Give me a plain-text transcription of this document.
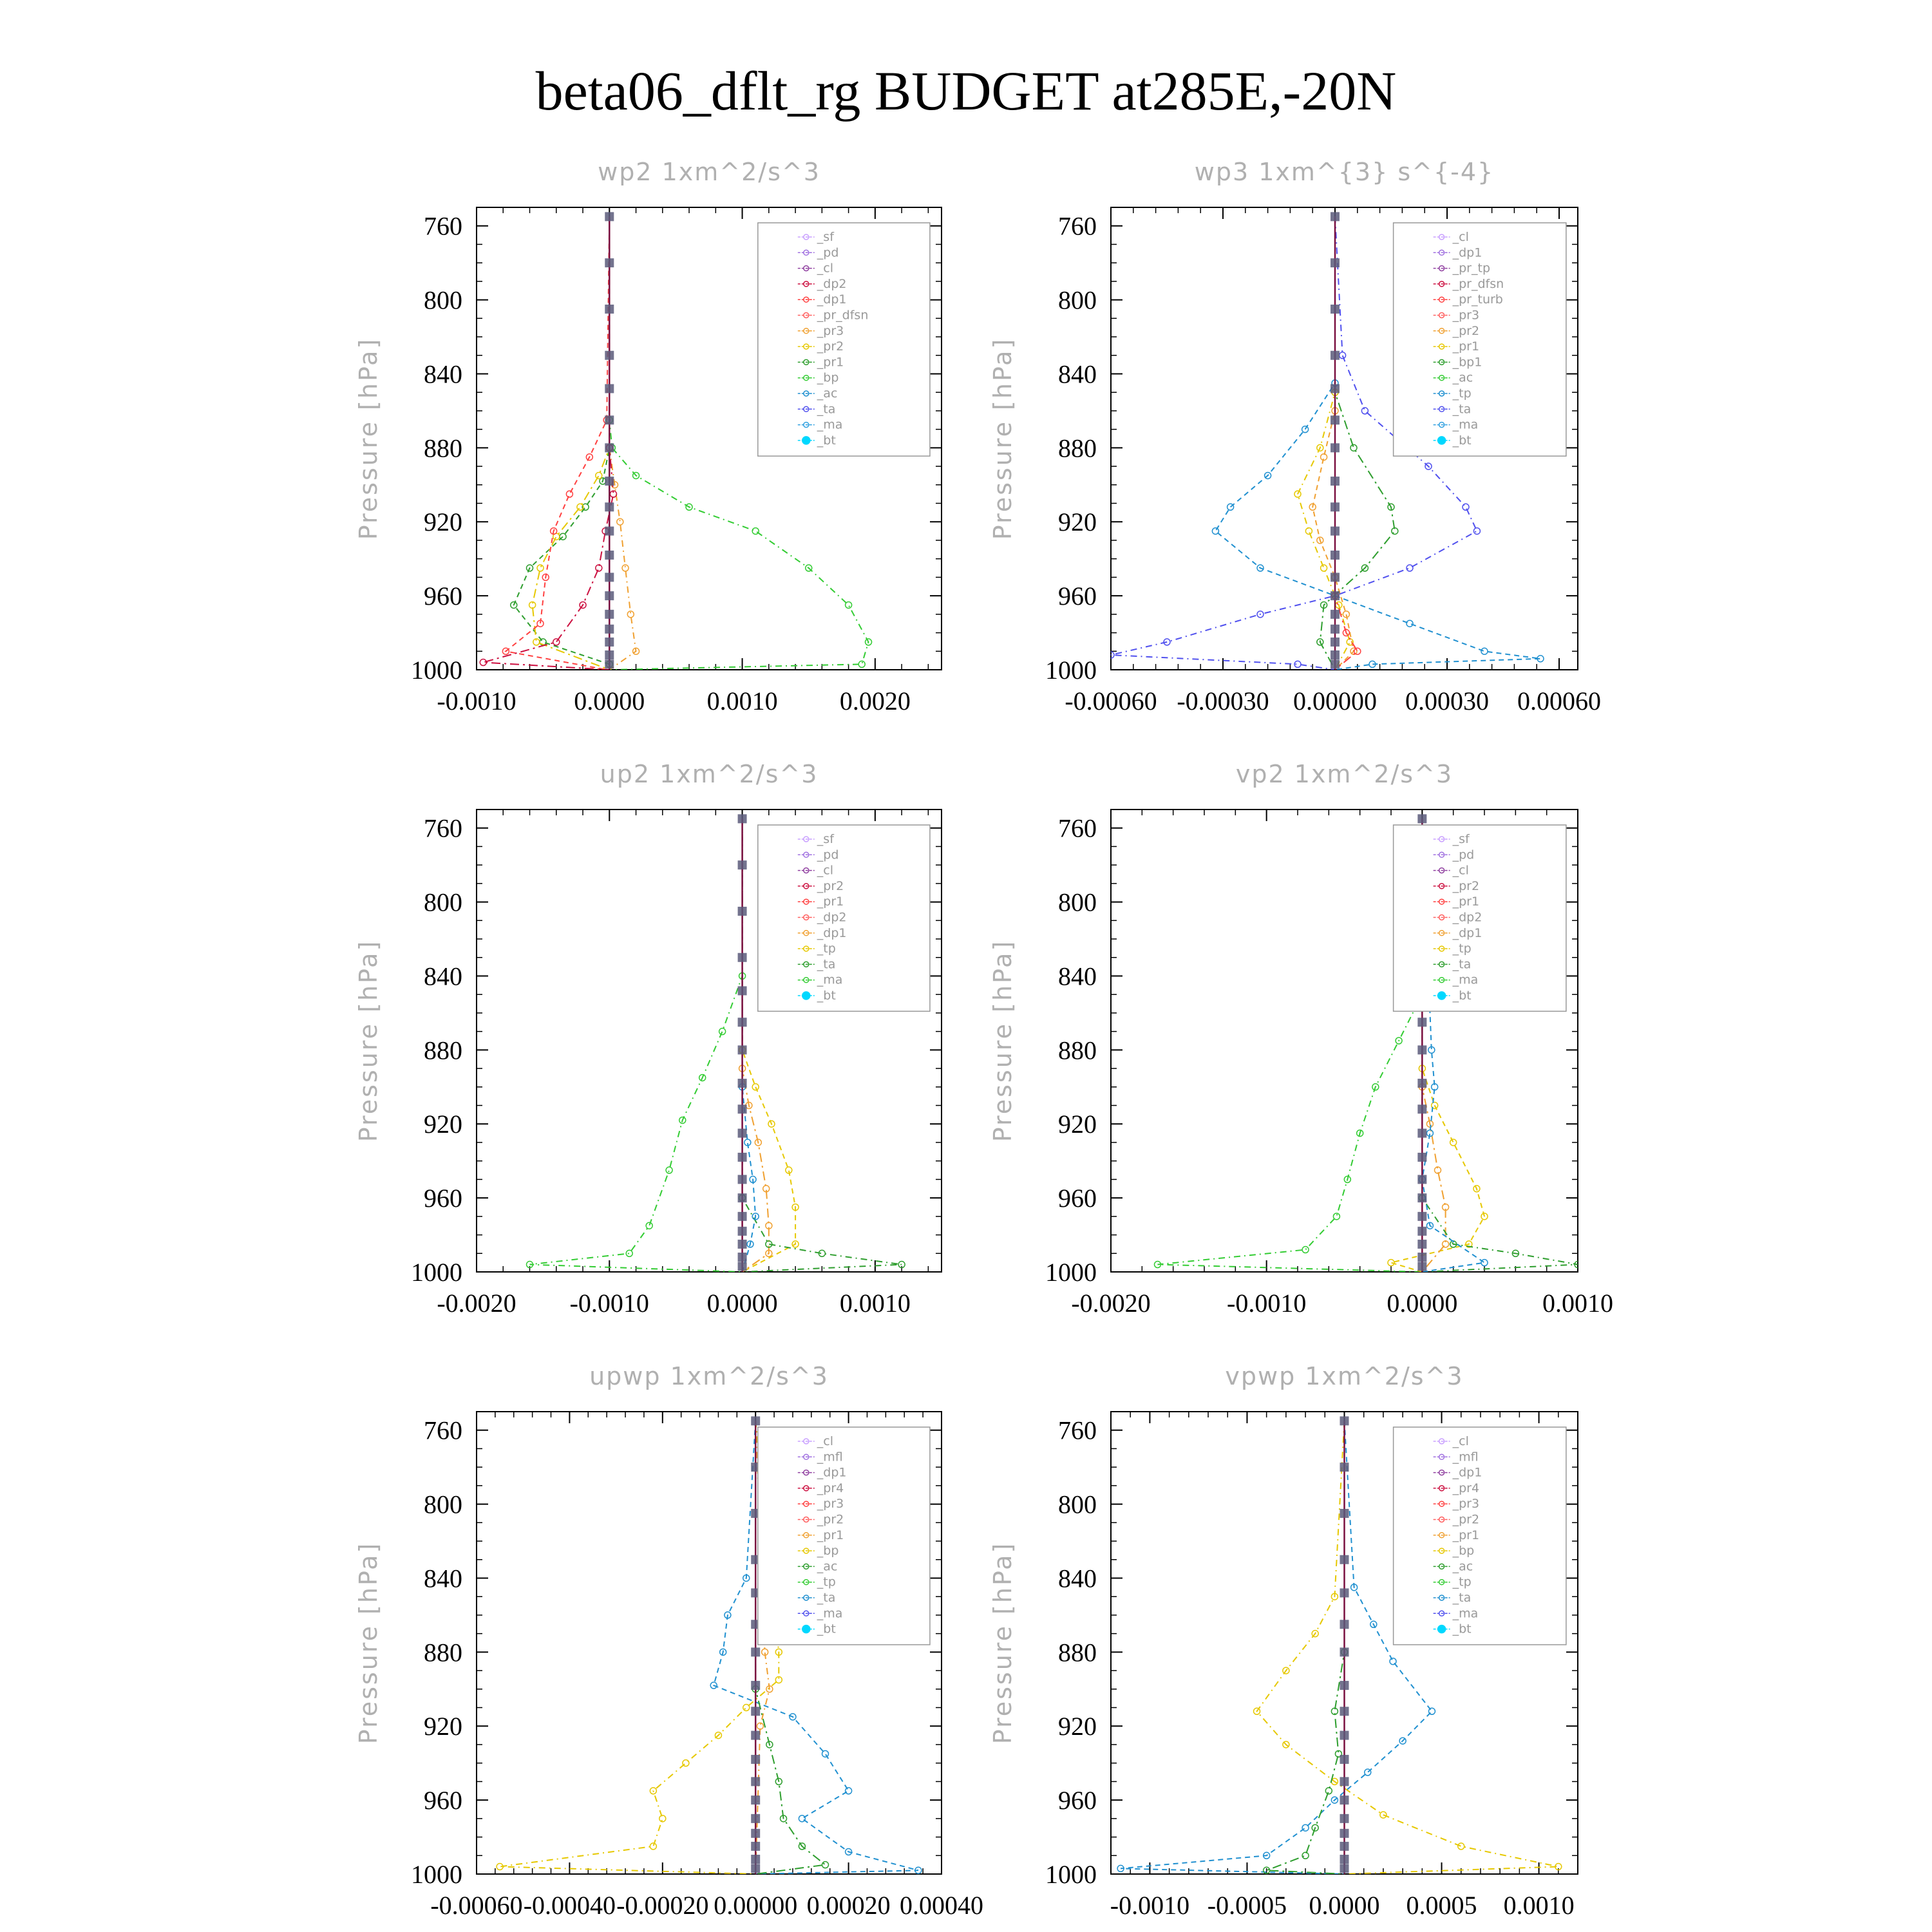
beta06_dflt_rg BUDGET at285E,-20N
wp2 1xm^2/s^3
Pressure [hPa]
760
800
840
880
920
960
1000
-0.0010 0.0000 0.0010 0.0020
_sf
_pd
_cl
_dp2
_dp1
_pr_dfsn
_pr3
_pr2
_pr1
_bp
_ac
_ta
_ma
_bt
wp3 1xm^{3} s^{-4}
Pressure [hPa]
760
800
840
880
920
960
1000
-0.00060 -0.00030 0.00000 0.00030 0.00060
_cl
_dp1
_pr_tp
_pr_dfsn
_pr_turb
_pr3
_pr2
_pr1
_bp1
_ac
_tp
_ta
_ma
_bt
up2 1xm^2/s^3
Pressure [hPa]
760
800
840
880
920
960
1000
-0.0020 -0.0010 0.0000 0.0010
_sf
_pd
_cl
_pr2
_pr1
_dp2
_dp1
_tp
_ta
_ma
_bt
vp2 1xm^2/s^3
Pressure [hPa]
760
800
840
880
920
960
1000
-0.0020	-0.0010	0.0000	0.0010
_sf
_pd
_cl
_pr2
_pr1
_dp2
_dp1
_tp
_ta
_ma
_bt
upwp 1xm^2/s^3
Pressure [hPa]
760
800
840
880
920
960
1000
-0.00060 -0.00040 -0.00020 0.00000 0.00020 0.00040
_cl
_mfl
_dp1
_pr4
_pr3
_pr2
_pr1
_bp
_ac
_tp
_ta
_ma
_bt
vpwp 1xm^2/s^3
Pressure [hPa]
760
800
840
880
920
960
1000
-0.0010 -0.0005 0.0000 0.0005 0.0010
_cl
_mfl
_dp1
_pr4
_pr3
_pr2
_pr1
_bp
_ac
_tp
_ta
_ma
_bt
